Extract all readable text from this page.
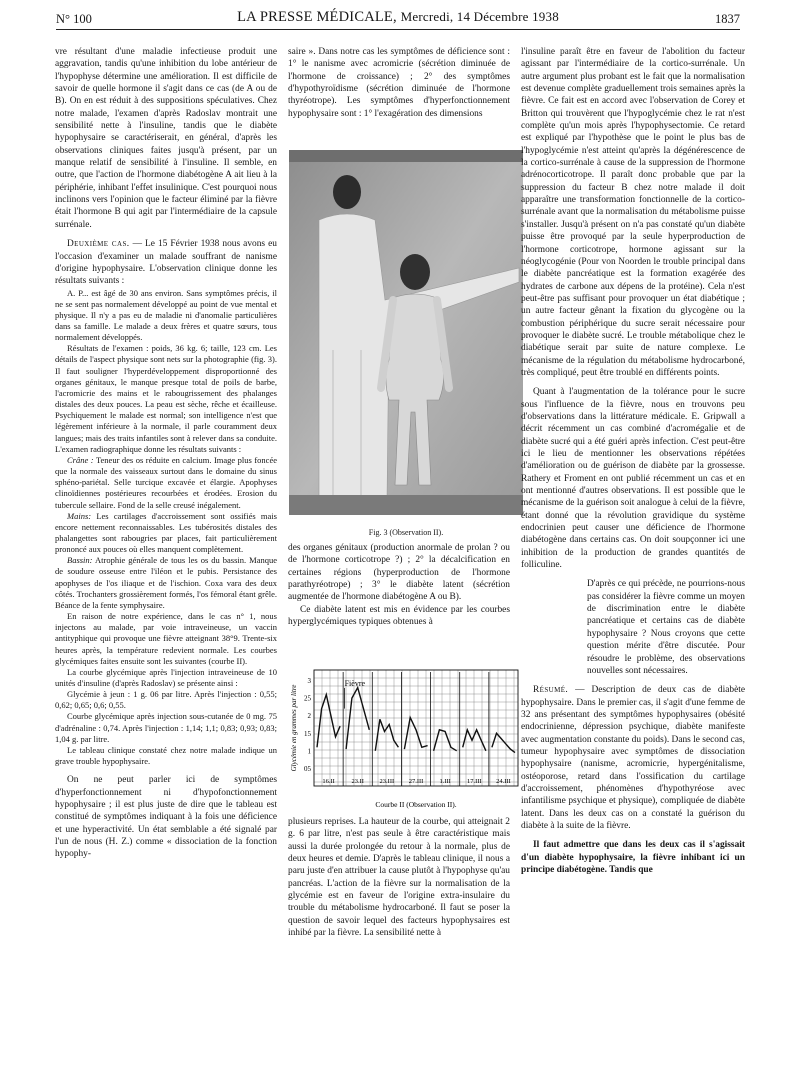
N° 100	LA PRESSE MÉDICALE, Mercredi, 14 Décembre 1938	1837

vre résultant d'une maladie infectieuse produit une aggravation, tandis qu'une inhibition du lobe antérieur de l'hypophyse détermine une amélioration. Il est difficile de savoir de quelle hormone il s'agit dans ce cas (de A ou de B). On en est réduit à des suppositions spéculatives. Chez notre malade, l'examen d'après Radoslav montrait une sensibilité nette à l'insuline, tandis que le diabète hypophysaire se caractériserait, en général, d'après les observations cliniques faites jusqu'à présent, par un manque relatif de sensibilité à l'insuline. Il semble, en outre, que l'action de l'hormone diabétogène A ait lieu à la périphérie, inhibant l'effet insulinique. C'est pourquoi nous inclinons vers l'opinion que le facteur éliminé par la fièvre était l'hormone B qui agit par l'intermédiaire de la capsule surrénale.

Deuxième cas. — Le 15 Février 1938 nous avons eu l'occasion d'examiner un malade souffrant de nanisme d'origine hypophysaire. L'observation clinique donne les résultats suivants :

A. P... est âgé de 30 ans environ. Sans symptômes précis, il ne se sent pas normalement développé au point de vue mental et physique. Il n'y a pas eu de maladie ni d'anomalie particulières dans sa famille. Le malade a deux frères et quatre sœurs, tous normalement développés.

Résultats de l'examen : poids, 36 kg. 6; taille, 123 cm. Les détails de l'aspect physique sont nets sur la photographie (fig. 3). Il faut souligner l'hyperdéveloppement disproportionné des organes génitaux, le manque presque total de poils de barbe, l'acromicrie des mains et le rabougrissement des phalanges distales des deux pouces. La peau est sèche, rêche et écailleuse. Psychiquement le malade est normal; son intelligence n'est que légèrement inférieure à la normale, il parle couramment deux langues; mais des traits infantiles sont à relever dans sa conduite. L'examen radiographique donne les résultats suivants :

Crâne : Teneur des os réduite en calcium. Image plus foncée que la normale des vaisseaux surtout dans le domaine du sinus sphéno-pariétal. Selle turcique excavée et élargie. Apophyses clinoïdiennes postérieures recourbées et érodées. Erosion du tubercule sellaire. Fond de la selle creusé inégalement.

Mains: Les cartilages d'accroissement sont ossifiés mais encore nettement reconnaissables. Les tubérosités distales des phalangettes sont rabougries par places, fait particulièrement prononcé aux pouces où elles manquent complètement.

Bassin: Atrophie générale de tous les os du bassin. Manque de soudure osseuse entre l'iléon et le pubis. Persistance des apophyses de l'os iliaque et de l'ischion. Coxa vara des deux côtés. Trochanters grossièrement formés, l'os fémoral étant grêle. Béance de la fente symphysaire.

En raison de notre expérience, dans le cas n° 1, nous injectons au malade, par voie intraveineuse, un vaccin antityphique qui provoque une fièvre atteignant 38°9. Trente-six heures après, la température redevient normale. Les courbes glycémiques faites ensuite sont les suivantes (courbe II).

La courbe glycémique après l'injection intraveineuse de 10 unités d'insuline (d'après Radoslav) se présente ainsi :

Glycémie à jeun : 1 g. 06 par litre. Après l'injection : 0,55; 0,62; 0,65; 0,6; 0,55.

Courbe glycémique après injection sous-cutanée de 0 mg. 75 d'adrénaline : 0,74. Après l'injection : 1,14; 1,1; 0,83; 0,93; 0,83; 1,04 g. par litre.

Le tableau clinique constaté chez notre malade indique un grave trouble hypophysaire.

On ne peut parler ici de symptômes d'hyperfonctionnement ni d'hypofonctionnement hypophysaire ; il est plus juste de dire que le tableau est constitué de symptômes indiquant à la fois une déficience et une hyperactivité. Un état semblable a été signalé par l'un de nous (H. Z.) comme « dissociation de la fonction hypophy-

saire ». Dans notre cas les symptômes de déficience sont : 1° le nanisme avec acromicrie (sécrétion diminuée de l'hormone de croissance) ; 2° des symptômes d'hypothyroïdisme (sécrétion diminuée de l'hormone thyréotrope). Les symptômes d'hyperfonctionnement hypophysaire sont : 1° l'exagération des dimensions

Fig. 3 (Observation II).

des organes génitaux (production anormale de prolan ? ou de l'hormone corticotrope ?) ; 2° la décalcification en certaines régions (hyperproduction de l'hormone parathyréotrope) ; 3° le diabète latent (sécrétion augmentée de l'hormone diabétogène A ou B).

Ce diabète latent est mis en évidence par les courbes hyperglycémiques typiques obtenues à

Glycémie en grammes par litre
3
25
2
15
1
05
16.II	23.II 23.III 27.III 1.III 17.III 24.III
Fièvre
Courbe II (Observation II).

plusieurs reprises. La hauteur de la courbe, qui atteignait 2 g. 6 par litre, n'est pas seule à être caractéristique mais aussi la durée prolongée du retour à la normale, plus de deux heures et demie. D'après le tableau clinique, il nous a paru juste d'en attribuer la cause plutôt à l'hypophyse qu'au pancréas. L'action de la fièvre sur la normalisation de la glycémie est en faveur de l'origine extra-insulaire du trouble du métabolisme hydrocarboné. Il faut se poser la question de savoir lequel des facteurs hypophysaires est inhibé par la fièvre. La sensibilité nette à

l'insuline paraît être en faveur de l'abolition du facteur agissant par l'intermédiaire de la cortico-surrénale. Un autre argument plus probant est le fait que la normalisation est devenue complète graduellement trois semaines après la fièvre. Ce fait est en accord avec l'observation de Corey et Britton qui trouvèrent que l'hypoglycémie chez le rat n'est complète qu'un mois après l'hypophysectomie. Ce retard est expliqué par l'hypothèse que le point le plus bas de l'hypoglycémie n'est atteint qu'après la dégénérescence de la cortico-surrénale à cause de la suppression de l'hormone adrénocorticotrope. Il paraît donc probable que par la suppression du facteur B chez notre malade il doit apparaître une transformation fonctionnelle de la cortico-surrénale avant que la normalisation du métabolisme puisse s'installer. Jusqu'à présent on n'a pas constaté qu'un diabète puisse être provoqué par la seule hyperproduction de l'hormone corticotrope, hormone agissant sur la néoglycogénie (Pour von Noorden le trouble principal dans le diabète pancréatique est la formation exagérée des hydrates de carbone aux dépens de la protéine). Cela n'est peut-être pas suffisant pour provoquer un état diabétique ; un autre facteur gênant la fixation du glycogène ou la combustion périphérique du sucre serait nécessaire pour provoquer le diabète sucré. Le trouble métabolique chez le diabétique serait par suite de nature complexe. Le mécanisme de la régulation du métabolisme hydrocarboné, très compliqué, peut être troublé en différents points.

Quant à l'augmentation de la tolérance pour le sucre sous l'influence de la fièvre, nous en trouvons peu d'observations dans la littérature médicale. E. Gripwall a décrit récemment un cas combiné d'acromégalie et de diabète sucré qui a été guéri après infection. C'est peut-être ici le lieu de mentionner les observations répétées d'amélioration ou de guérison de diabète par la grossesse. Rathery et Froment en ont publié récemment un cas et en ont mentionné d'autres observations. Il est possible que le mécanisme de la guérison soit analogue à celui de la fièvre, étant donné que la révolution gravidique du système endocrinien peut causer une déficience de l'hormone diabétogène dans certains cas. On doit soupçonner ici une inhibition de la production de grandes quantités de folliculine.

D'après ce qui précède, ne pourrions-nous pas considérer la fièvre comme un moyen de discrimination entre le diabète pancréatique et certains cas de diabète hypophysaire ? Nous croyons que cette question mérite d'être discutée. Pour résoudre le problème, des observations nouvelles sont nécessaires.

Résumé. — Description de deux cas de diabète hypophysaire. Dans le premier cas, il s'agit d'une femme de 32 ans présentant des symptômes hypophysaires (obésité endocrinienne, dépression psychique, diabète manifeste avec augmentation constante du poids). Dans le second cas, tumeur hypophysaire avec symptômes de dissociation hypophysaire (nanisme, acromicrie, hypergénitalisme, ostéoporose, retard dans l'ossification du cartilage d'accroissement, phénomènes d'hypothyréose avec infantilisme psychique et physique), compliquée de diabète latent. Dans les deux cas on a constaté la guérison du diabète à la suite de la fièvre.

Il faut admettre que dans les deux cas il s'agissait d'un diabète hypophysaire, la fièvre inhibant ici un principe diabétogène. Tandis que
